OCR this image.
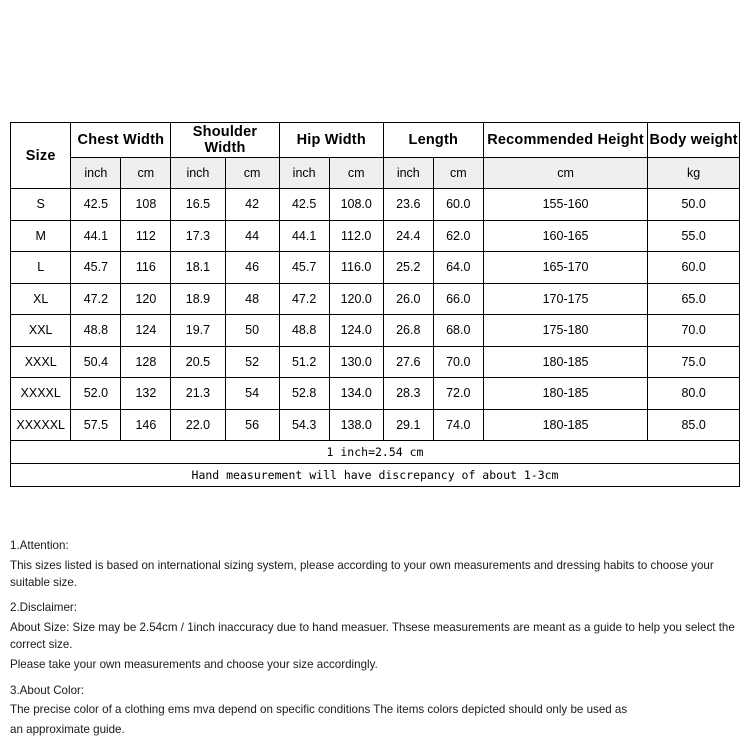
Size	Chest Width		Shoulder Width		Hip Width		Length		Recommended Height	Body weight
	inch	cm	inch	cm	inch	cm	inch	cm	cm	kg
S	42.5	108	16.5	42	42.5	108.0	23.6	60.0	155-160	50.0
M	44.1	112	17.3	44	44.1	112.0	24.4	62.0	160-165	55.0
L	45.7	116	18.1	46	45.7	116.0	25.2	64.0	165-170	60.0
XL	47.2	120	18.9	48	47.2	120.0	26.0	66.0	170-175	65.0
XXL	48.8	124	19.7	50	48.8	124.0	26.8	68.0	175-180	70.0
XXXL	50.4	128	20.5	52	51.2	130.0	27.6	70.0	180-185	75.0
XXXXL	52.0	132	21.3	54	52.8	134.0	28.3	72.0	180-185	80.0
XXXXXL	57.5	146	22.0	56	54.3	138.0	29.1	74.0	180-185	85.0
1 inch=2.54 cm										
Hand measurement will have discrepancy of about 1-3cm										

1.Attention:

This sizes listed is based on international sizing system, please according to your own measurements and dressing habits to choose your suitable size.

2.Disclaimer:

About Size: Size may be 2.54cm / 1inch inaccuracy due to hand measuer. Thsese measurements are meant as a guide to help you select the correct size.

Please take your own measurements and choose your size accordingly.

3.About Color:

The precise color of a clothing ems mva depend on specific conditions The items colors depicted should only be used as

an approximate guide.
